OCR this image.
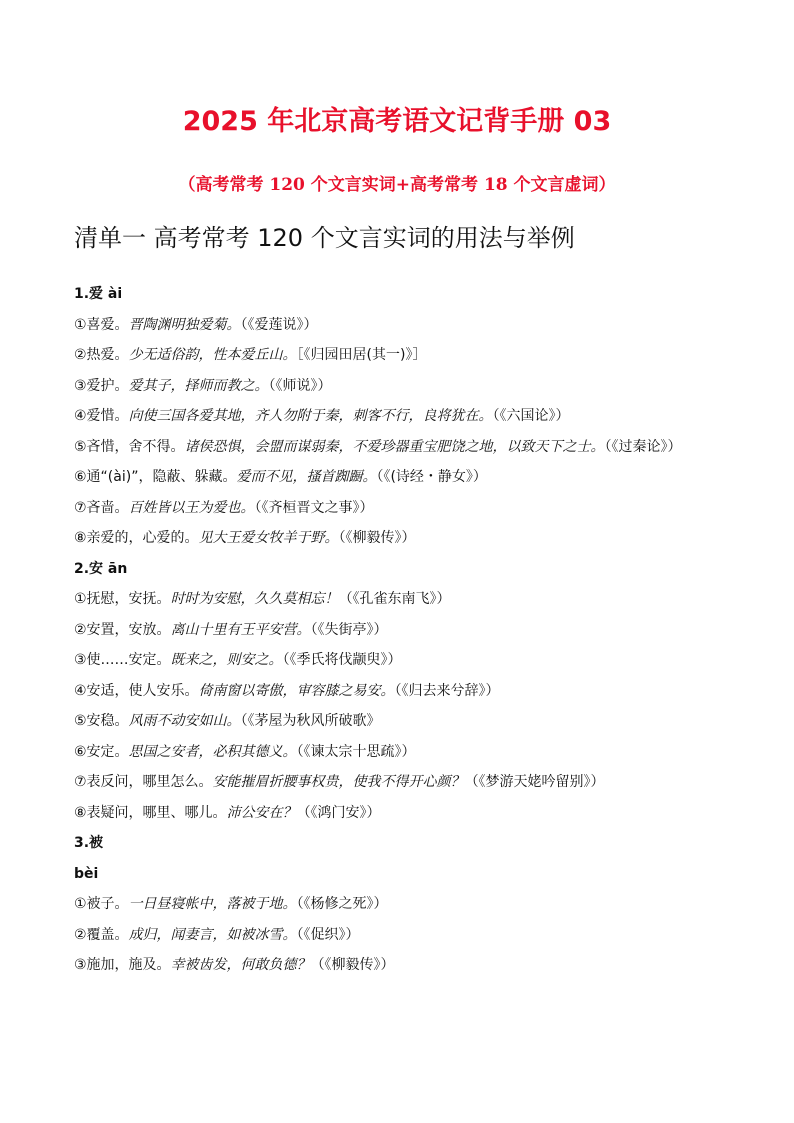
2025 年北京高考语文记背手册 03
（高考常考 120 个文言实词+高考常考 18 个文言虚词）
清单一 高考常考 120 个文言实词的用法与举例
1.爱 ài
①喜爱。晋陶渊明独爱菊。（《爱莲说》）
②热爱。少无适俗韵，性本爱丘山。［《归园田居(其一)》］
③爱护。爱其子，择师而教之。（《师说》）
④爱惜。向使三国各爱其地，齐人勿附于秦，刺客不行，良将犹在。（《六国论》）
⑤吝惜，舍不得。诸侯恐惧，会盟而谋弱秦，不爱珍器重宝肥饶之地，以致天下之士。（《过秦论》）
⑥通“(ài)”，隐蔽、躲藏。爱而不见，搔首踟蹰。（《(诗经・静女》）
⑦吝啬。百姓皆以王为爱也。（《齐桓晋文之事》）
⑧亲爱的，心爱的。见大王爱女牧羊于野。（《柳毅传》）
2.安 ān
①抚慰，安抚。时时为安慰，久久莫相忘！（《孔雀东南飞》）
②安置，安放。离山十里有王平安营。（《失街亭》）
③使……安定。既来之，则安之。（《季氏将伐颛臾》）
④安适，使人安乐。倚南窗以寄傲，审容膝之易安。（《归去来兮辞》）
⑤安稳。风雨不动安如山。（《茅屋为秋风所破歌》
⑥安定。思国之安者，必积其德义。（《谏太宗十思疏》）
⑦表反问，哪里怎么。安能摧眉折腰事权贵，使我不得开心颜？（《梦游天姥吟留别》）
⑧表疑问，哪里、哪儿。沛公安在？（《鸿门安》）
3.被
bèi
①被子。一日昼寝帐中，落被于地。（《杨修之死》）
②覆盖。成归，闻妻言，如被冰雪。（《促织》）
③施加，施及。幸被齿发，何敢负德？（《柳毅传》）
